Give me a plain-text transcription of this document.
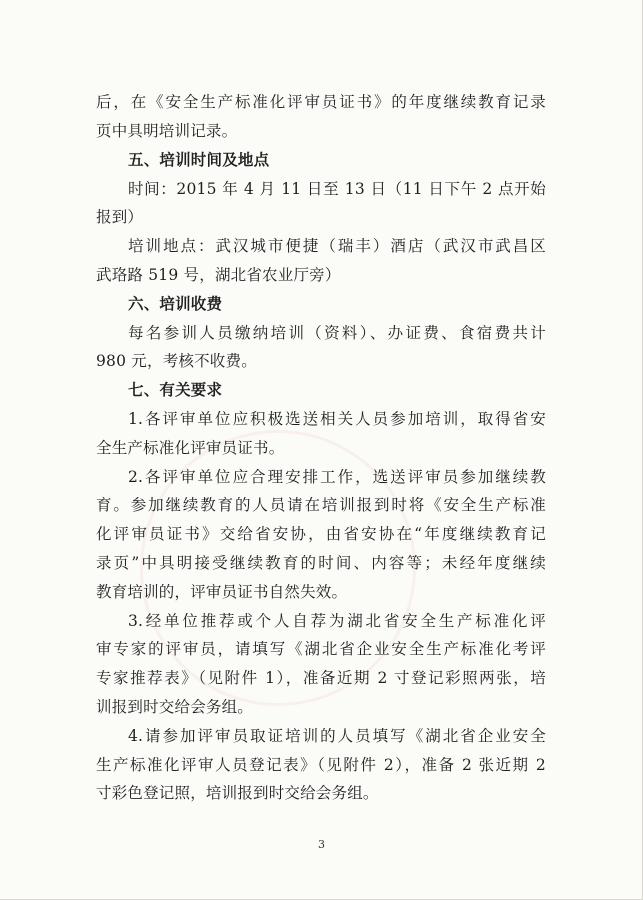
后，在《安全生产标准化评审员证书》的年度继续教育记录
页中具明培训记录。
五、培训时间及地点
时间：2015 年 4 月 11 日至 13 日（11 日下午 2 点开始
报到）
培训地点：武汉城市便捷（瑞丰）酒店（武汉市武昌区
武珞路 519 号，湖北省农业厅旁）
六、培训收费
每名参训人员缴纳培训（资料）、办证费、食宿费共计
980 元，考核不收费。
七、有关要求
1.各评审单位应积极选送相关人员参加培训，取得省安
全生产标准化评审员证书。
2.各评审单位应合理安排工作，选送评审员参加继续教
育。参加继续教育的人员请在培训报到时将《安全生产标准
化评审员证书》交给省安协，由省安协在“年度继续教育记
录页”中具明接受继续教育的时间、内容等；未经年度继续
教育培训的，评审员证书自然失效。
3.经单位推荐或个人自荐为湖北省安全生产标准化评
审专家的评审员，请填写《湖北省企业安全生产标准化考评
专家推荐表》（见附件 1），准备近期 2 寸登记彩照两张，培
训报到时交给会务组。
4.请参加评审员取证培训的人员填写《湖北省企业安全
生产标准化评审人员登记表》（见附件 2），准备 2 张近期 2
寸彩色登记照，培训报到时交给会务组。
3
